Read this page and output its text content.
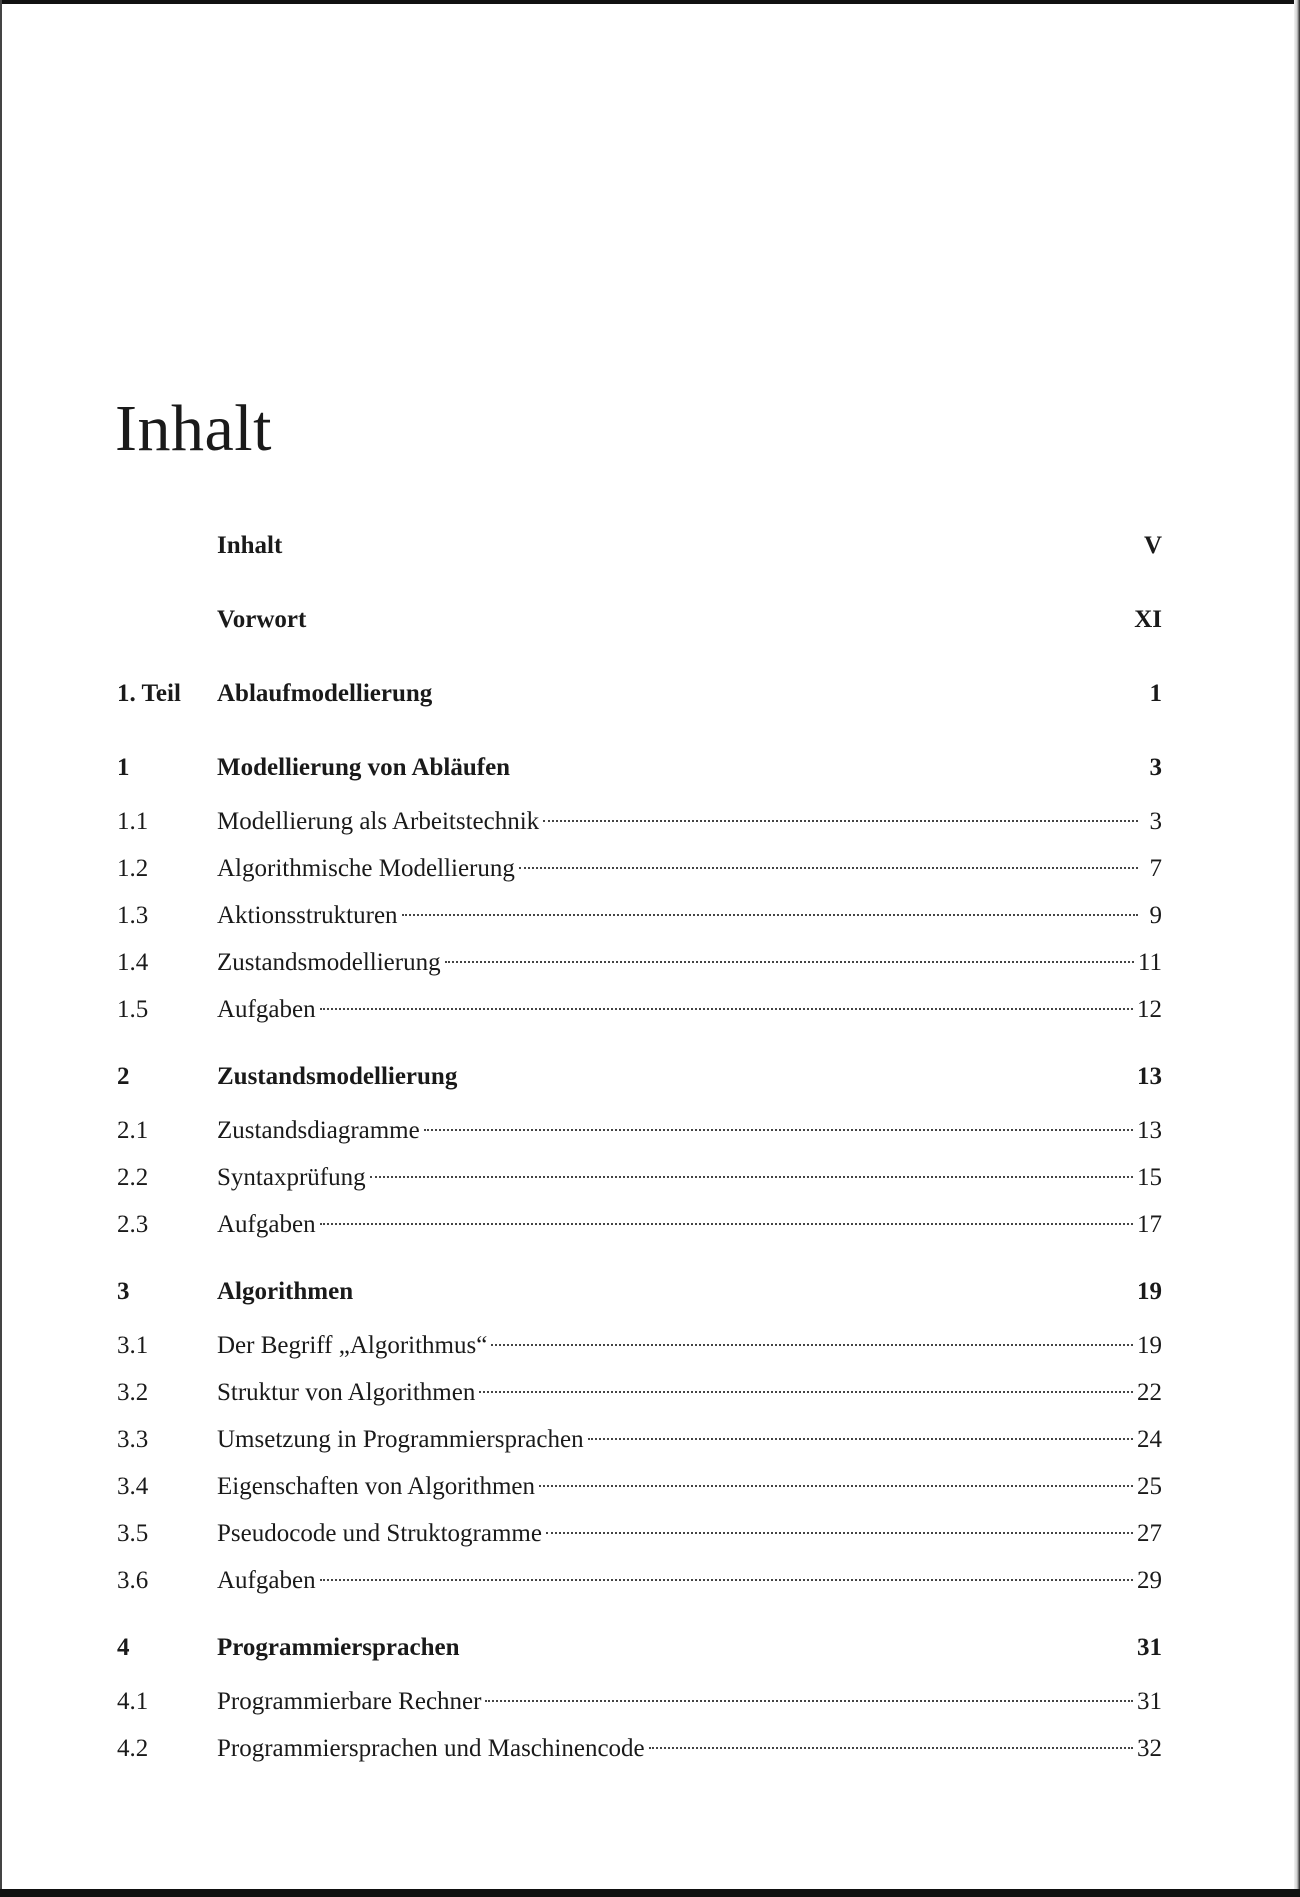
Inhalt
Inhalt	V
Vorwort	XI
1. Teil	Ablaufmodellierung	1
1	Modellierung von Abläufen	3
1.1	Modellierung als Arbeitstechnik	3
1.2	Algorithmische Modellierung	7
1.3	Aktionsstrukturen	9
1.4	Zustandsmodellierung	11
1.5	Aufgaben	12
2	Zustandsmodellierung	13
2.1	Zustandsdiagramme	13
2.2	Syntaxprüfung	15
2.3	Aufgaben	17
3	Algorithmen	19
3.1	Der Begriff „Algorithmus“	19
3.2	Struktur von Algorithmen	22
3.3	Umsetzung in Programmiersprachen	24
3.4	Eigenschaften von Algorithmen	25
3.5	Pseudocode und Struktogramme	27
3.6	Aufgaben	29
4	Programmiersprachen	31
4.1	Programmierbare Rechner	31
4.2	Programmiersprachen und Maschinencode	32
